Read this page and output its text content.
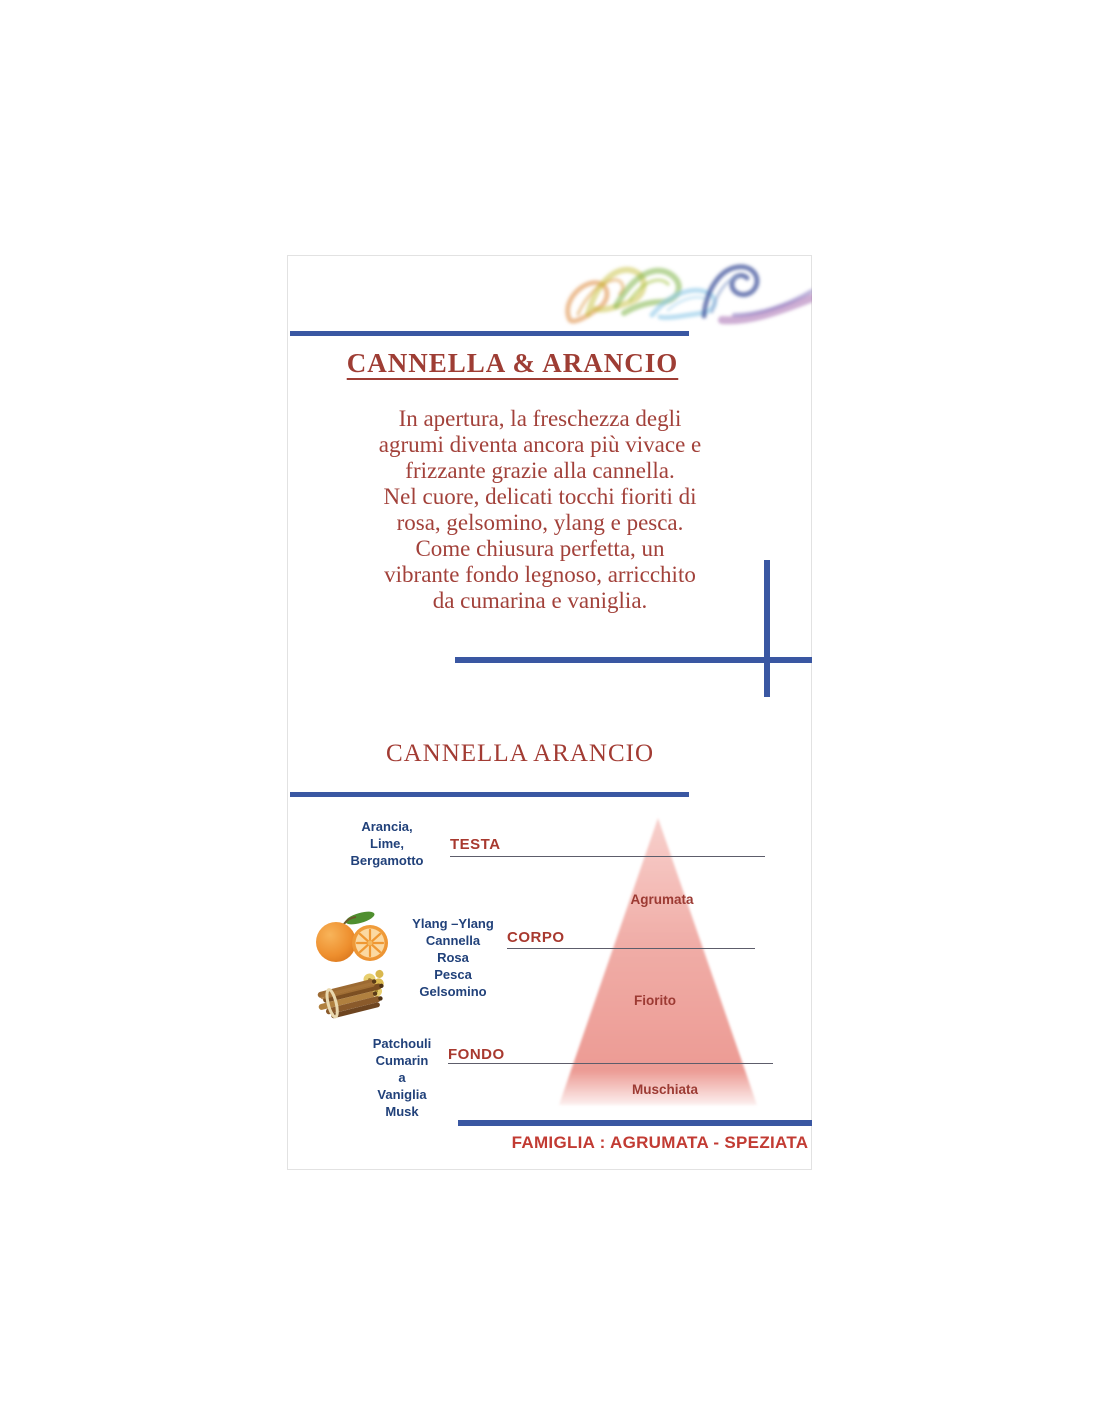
CANNELLA & ARANCIO
In apertura, la freschezza degli
agrumi diventa ancora più vivace e
frizzante grazie alla cannella.
Nel cuore, delicati tocchi fioriti di
rosa, gelsomino, ylang e pesca.
Come chiusura perfetta, un
vibrante fondo legnoso, arricchito
da cumarina e vaniglia.
CANNELLA ARANCIO
Arancia,
Lime,
Bergamotto
TESTA
Agrumata
Ylang –Ylang
Cannella
Rosa
Pesca
Gelsomino
CORPO
Fiorito
Patchouli
Cumarin
a
Vaniglia
Musk
FONDO
Muschiata
FAMIGLIA : AGRUMATA - SPEZIATA
